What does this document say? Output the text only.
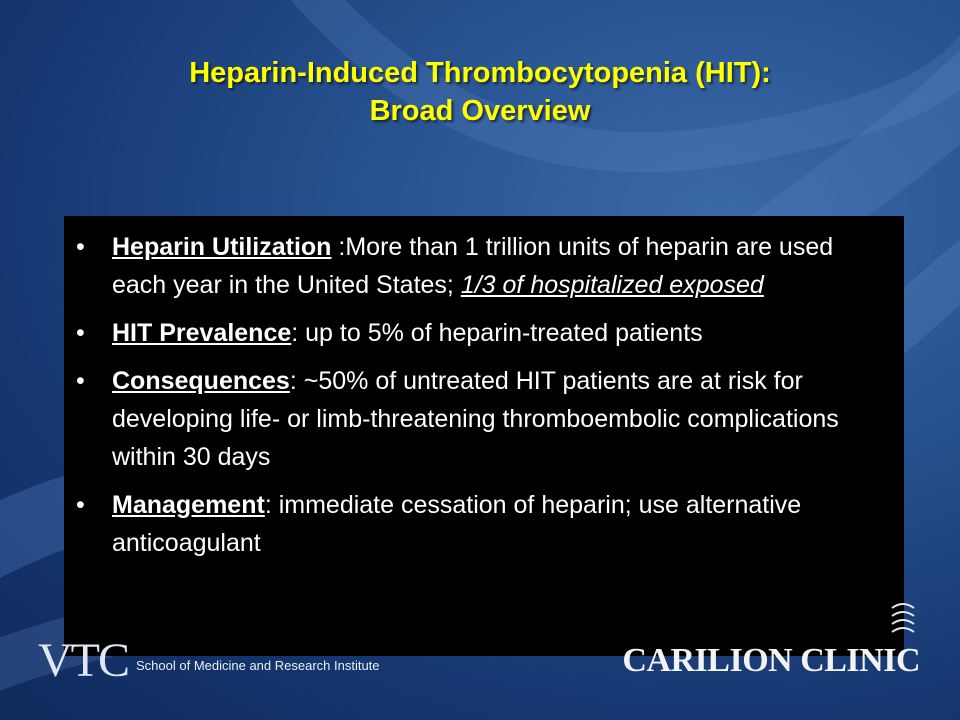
Heparin-Induced Thrombocytopenia (HIT):
Broad Overview
• Heparin Utilization :More than 1 trillion units of heparin are used each year in the United States; 1/3 of hospitalized exposed
• HIT Prevalence: up to 5% of heparin-treated patients
• Consequences: ~50% of untreated HIT patients are at risk for developing life- or limb-threatening thromboembolic complications within 30 days
• Management: immediate cessation of heparin; use alternative anticoagulant
VTC School of Medicine and Research Institute	CARILION CLINIC
